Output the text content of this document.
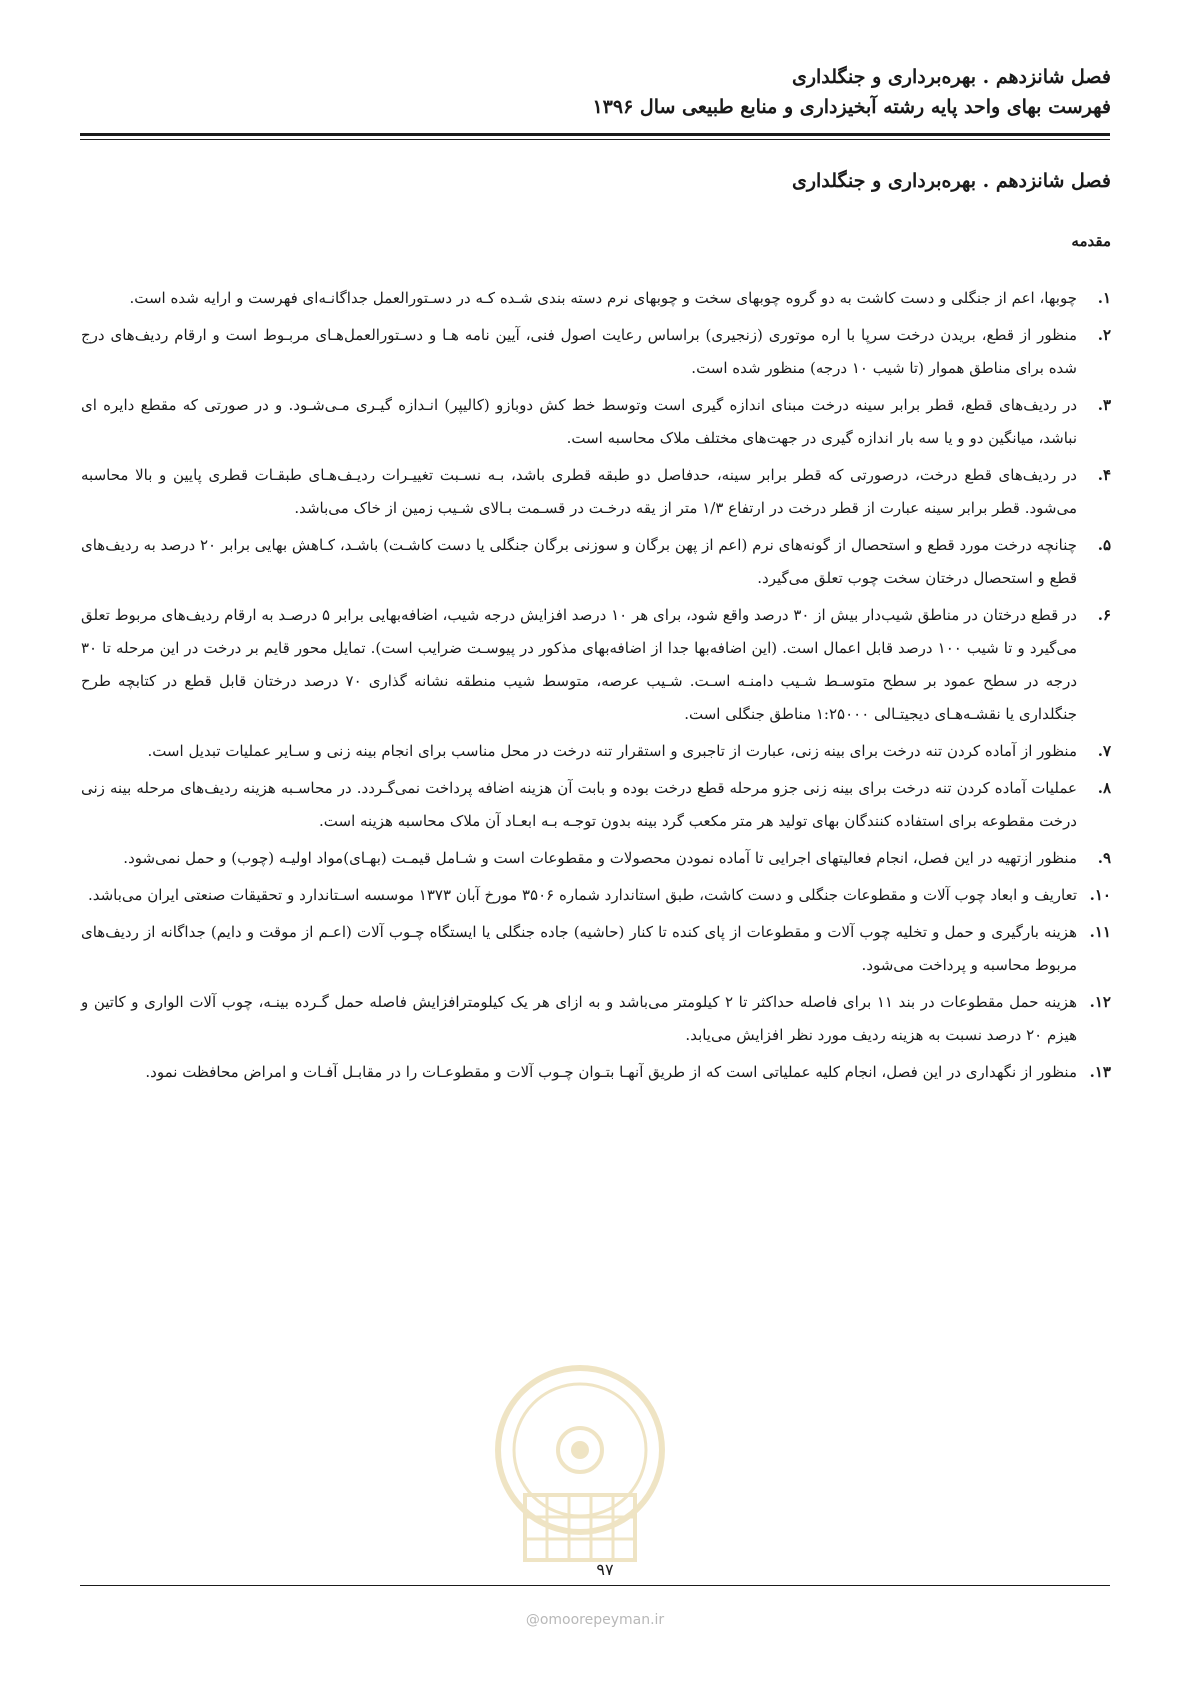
فصل شانزدهم . بهره‌برداری و جنگلداری
فهرست بهای واحد پایه رشته آبخیزداری و منابع طبیعی سال ۱۳۹۶
فصل شانزدهم . بهره‌برداری و جنگلداری
مقدمه
۱.
چوبها، اعم از جنگلی و دست کاشت به دو گروه چوبهای سخت و چوبهای نرم دسته بندی شـده کـه در دسـتورالعمل جداگانـه‌ای فهرست و ارایه شده است.
۲.
منظور از قطع، بریدن درخت سرپا با اره موتوری (زنجیری) براساس رعایت اصول فنی، آیین نامه هـا و دسـتورالعمل‌هـای مربـوط است و ارقام ردیف‌های درج شده برای مناطق هموار (تا شیب ۱۰ درجه) منظور شده است.
۳.
در ردیف‌های قطع، قطر برابر سینه درخت مبنای اندازه گیری است وتوسط خط کش دوبازو (کالیپر) انـدازه گیـری مـی‌شـود. و در صورتی که مقطع دایره ای نباشد، میانگین دو و یا سه بار اندازه گیری در جهت‌های مختلف ملاک محاسبه است.
۴.
در ردیف‌های قطع درخت، درصورتی که قطر برابر سینه، حدفاصل دو طبقه قطری باشد، بـه نسـبت تغییـرات ردیـف‌هـای طبقـات قطری پایین و بالا محاسبه می‌شود. قطر برابر سینه عبارت از قطر درخت در ارتفاع ۱/۳ متر از یقه درخـت در قسـمت بـالای شـیب زمین از خاک می‌باشد.
۵.
چنانچه درخت مورد قطع و استحصال از گونه‌های نرم (اعم از پهن برگان و سوزنی برگان جنگلی یا دست کاشـت) باشـد، کـاهش بهایی برابر ۲۰ درصد به ردیف‌های قطع و استحصال درختان سخت چوب تعلق می‌گیرد.
۶.
در قطع درختان در مناطق شیب‌دار بیش از ۳۰ درصد واقع شود، برای هر ۱۰ درصد افزایش درجه شیب، اضافه‌بهایی برابر ۵ درصـد به ارقام ردیف‌های مربوط تعلق می‌گیرد و تا شیب ۱۰۰ درصد قابل اعمال است. (این اضافه‌بها جدا از اضافه‌بهای مذکور در پیوسـت ضرایب است). تمایل محور قایم بر درخت در این مرحله تا ۳۰ درجه در سطح عمود بر سطح متوسـط شـیب دامنـه اسـت. شـیب عرصه، متوسط شیب منطقه نشانه گذاری ۷۰ درصد درختان قابل قطع در کتابچه طرح جنگلداری یا نقشـه‌هـای دیجیتـالی ۱:۲۵۰۰۰ مناطق جنگلی است.
۷.
منظور از آماده کردن تنه درخت برای بینه زنی، عبارت از تاجبری و استقرار تنه درخت در محل مناسب برای انجام بینه زنی و سـایر عملیات تبدیل است.
۸.
عملیات آماده کردن تنه درخت برای بینه زنی جزو مرحله قطع درخت بوده و بابت آن هزینه اضافه پرداخت نمی‌گـردد. در محاسـبه هزینه ردیف‌های مرحله بینه زنی درخت مقطوعه برای استفاده کنندگان بهای تولید هر متر مکعب گرد بینه بدون توجـه بـه ابعـاد آن ملاک محاسبه هزینه است.
۹.
منظور ازتهیه در این فصل، انجام فعالیتهای اجرایی تا آماده نمودن محصولات و مقطوعات است و شـامل قیمـت (بهـای)مواد اولیـه (چوب) و حمل نمی‌شود.
۱۰.
تعاریف و ابعاد چوب آلات و مقطوعات جنگلی و دست کاشت، طبق استاندارد شماره ۳۵۰۶ مورخ آبان ۱۳۷۳ موسسه اسـتاندارد و تحقیقات صنعتی ایران می‌باشد.
۱۱.
هزینه بارگیری و حمل و تخلیه چوب آلات و مقطوعات از پای کنده تا کنار (حاشیه) جاده جنگلی یا ایستگاه چـوب آلات (اعـم از موقت و دایم) جداگانه از ردیف‌های مربوط محاسبه و پرداخت می‌شود.
۱۲.
هزینه حمل مقطوعات در بند ۱۱ برای فاصله حداکثر تا ۲ کیلومتر می‌باشد و به ازای هر یک کیلومترافزایش فاصله حمل گـرده بینـه، چوب آلات الواری و کاتین و هیزم ۲۰ درصد نسبت به هزینه ردیف مورد نظر افزایش می‌یابد.
۱۳.
منظور از نگهداری در این فصل، انجام کلیه عملیاتی است که از طریق آنهـا بتـوان چـوب آلات و مقطوعـات را در مقابـل آفـات و امراض محافظت نمود.
۹۷
@omoorepeyman.ir
